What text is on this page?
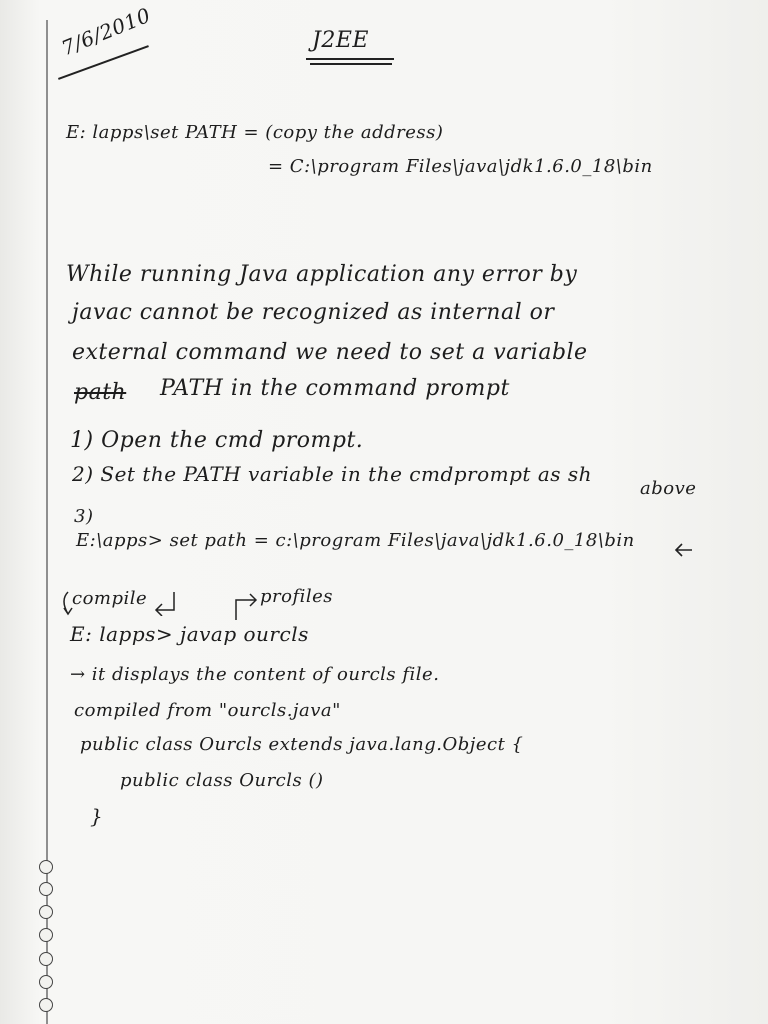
7/6/2010	J2EE
E: lapps\set PATH = (copy the address)
= C:\program Files\java\jdk1.6.0_18\bin
While running Java application any error by
javac cannot be recognized as internal or
external command we need to set a variable
path PATH in the command prompt
1) Open the cmd prompt.
2) Set the PATH variable in the cmdprompt as sh
above
3)
E:\apps> set path = c:\program Files\java\jdk1.6.0_18\bin
compile	profiles
E: lapps> javap ourcls
→ it displays the content of ourcls file.
compiled from "ourcls.java"
public class Ourcls extends java.lang.Object {
public class Ourcls ()
}
